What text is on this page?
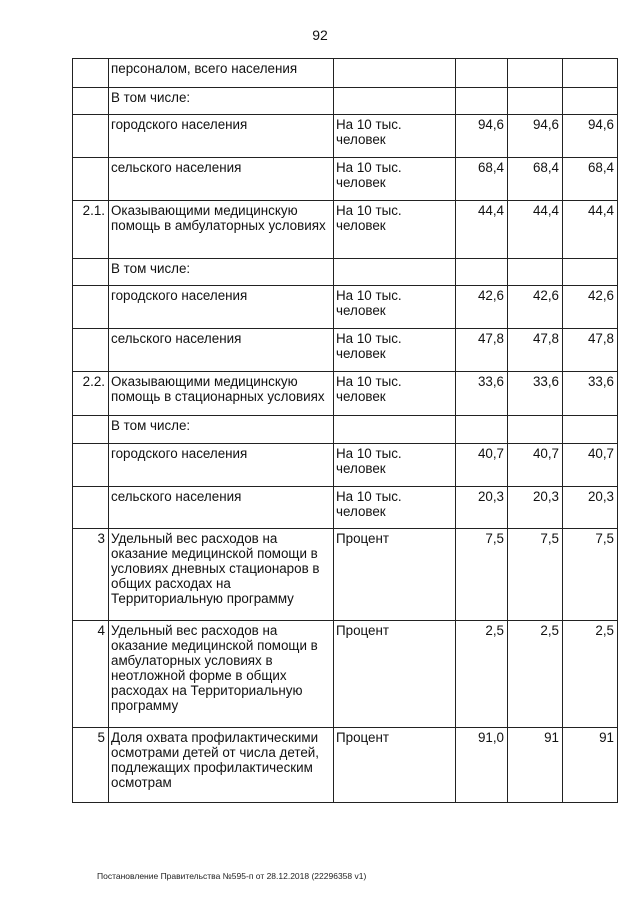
92
	персоналом, всего населения				
	В том числе:				
	городского населения	На 10 тыс. человек	94,6	94,6	94,6
	сельского населения	На 10 тыс. человек	68,4	68,4	68,4
2.1.	Оказывающими медицинскую помощь в амбулаторных условиях	На 10 тыс. человек	44,4	44,4	44,4
	В том числе:				
	городского населения	На 10 тыс. человек	42,6	42,6	42,6
	сельского населения	На 10 тыс. человек	47,8	47,8	47,8
2.2.	Оказывающими медицинскую помощь в стационарных условиях	На 10 тыс. человек	33,6	33,6	33,6
	В том числе:				
	городского населения	На 10 тыс. человек	40,7	40,7	40,7
	сельского населения	На 10 тыс. человек	20,3	20,3	20,3
3	Удельный вес расходов на оказание медицинской помощи в условиях дневных стационаров в общих расходах на Территориальную программу	Процент	7,5	7,5	7,5
4	Удельный вес расходов на оказание медицинской помощи в амбулаторных условиях в неотложной форме в общих расходах на Территориальную программу	Процент	2,5	2,5	2,5
5	Доля охвата профилактическими осмотрами детей от числа детей, подлежащих профилактическим осмотрам	Процент	91,0	91	91
Постановление Правительства №595-п от 28.12.2018 (22296358 v1)
